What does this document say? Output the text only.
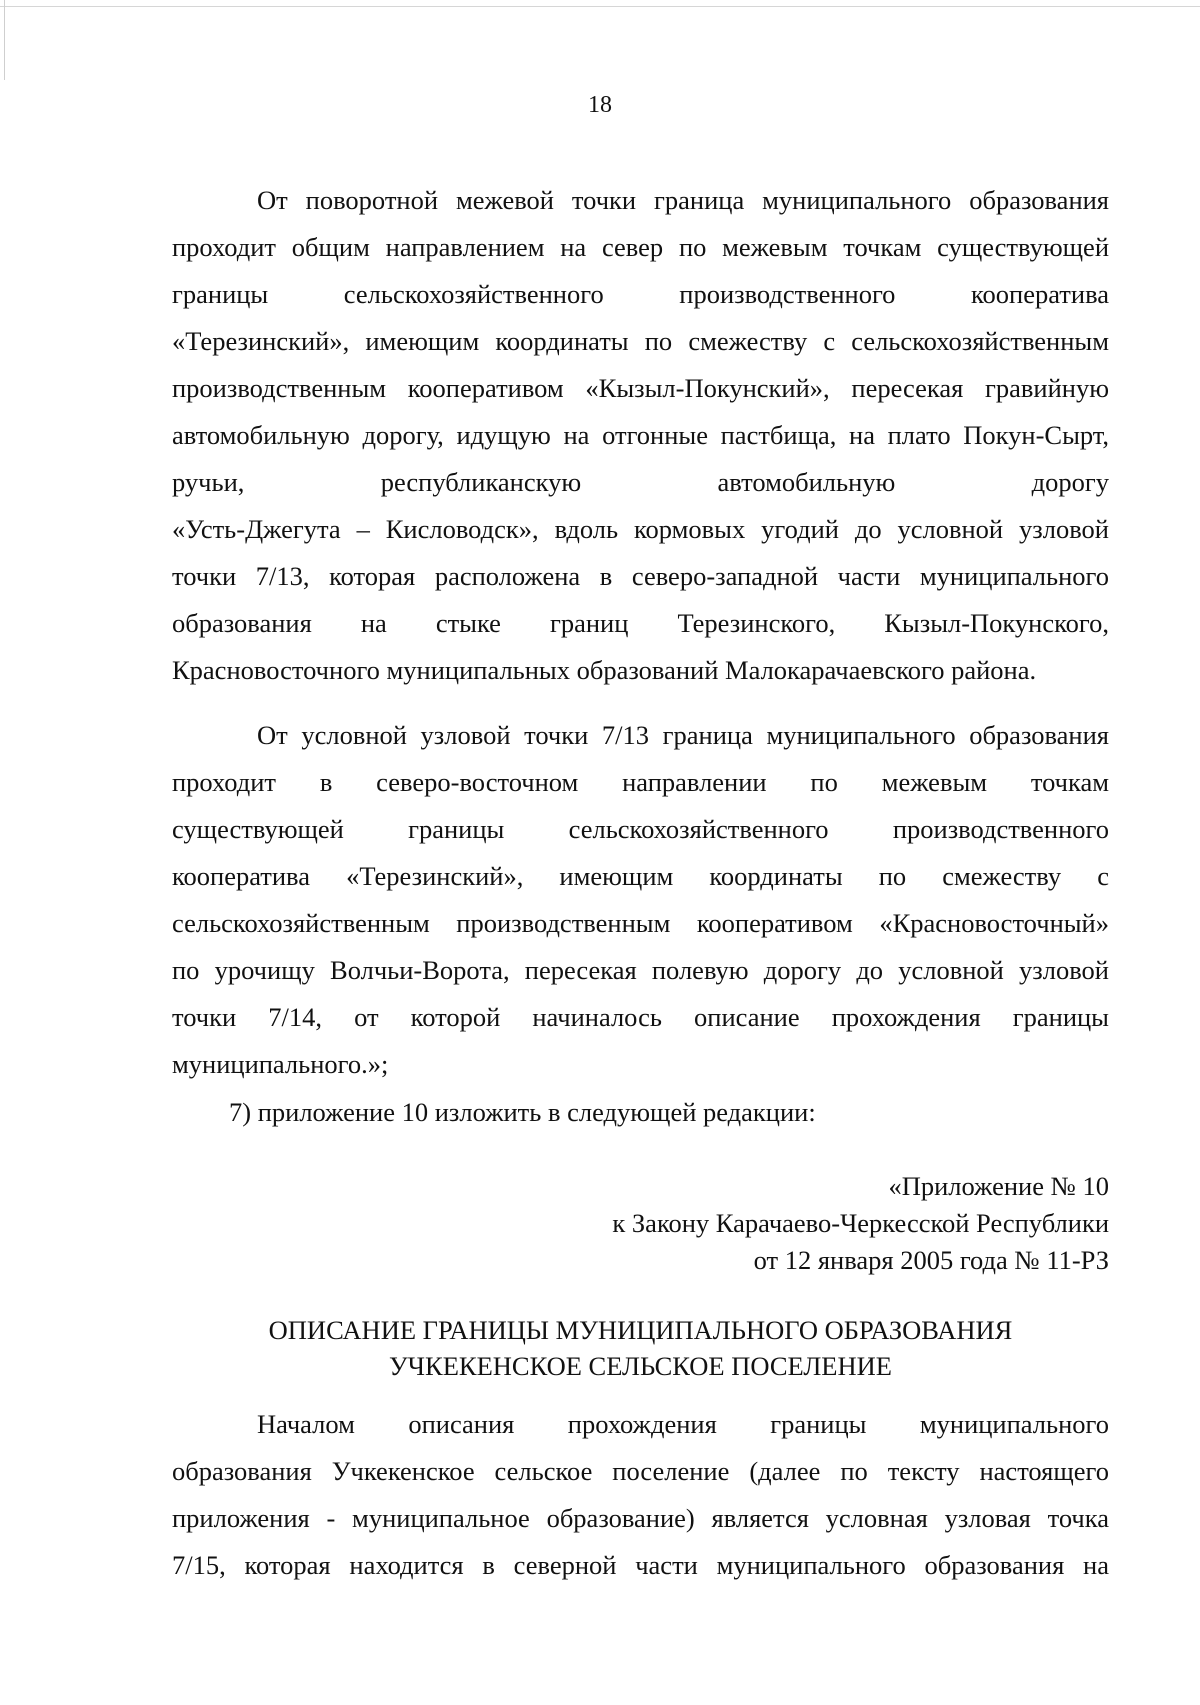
18
От поворотной межевой точки граница муниципального образования
проходит общим направлением на север по межевым точкам существующей
границы сельскохозяйственного производственного кооператива
«Терезинский», имеющим координаты по смежеству с сельскохозяйственным
производственным кооперативом «Кызыл-Покунский», пересекая гравийную
автомобильную дорогу, идущую на отгонные пастбища, на плато Покун-Сырт,
ручьи, республиканскую автомобильную дорогу
«Усть-Джегута – Кисловодск», вдоль кормовых угодий до условной узловой
точки 7/13, которая расположена в северо-западной части муниципального
образования на стыке границ Терезинского, Кызыл-Покунского,
Красновосточного муниципальных образований Малокарачаевского района.
От условной узловой точки 7/13 граница муниципального образования
проходит в северо-восточном направлении по межевым точкам
существующей границы сельскохозяйственного производственного
кооператива «Терезинский», имеющим координаты по смежеству с
сельскохозяйственным производственным кооперативом «Красновосточный»
по урочищу Волчьи-Ворота, пересекая полевую дорогу до условной узловой
точки 7/14, от которой начиналось описание прохождения границы
муниципального.»;
7) приложение 10 изложить в следующей редакции:
«Приложение № 10
к Закону Карачаево-Черкесской Республики
от 12 января 2005 года № 11-РЗ
ОПИСАНИЕ ГРАНИЦЫ МУНИЦИПАЛЬНОГО ОБРАЗОВАНИЯ
УЧКЕКЕНСКОЕ СЕЛЬСКОЕ ПОСЕЛЕНИЕ
Началом описания прохождения границы муниципального
образования Учкекенское сельское поселение (далее по тексту настоящего
приложения - муниципальное образование) является условная узловая точка
7/15, которая находится в северной части муниципального образования на
